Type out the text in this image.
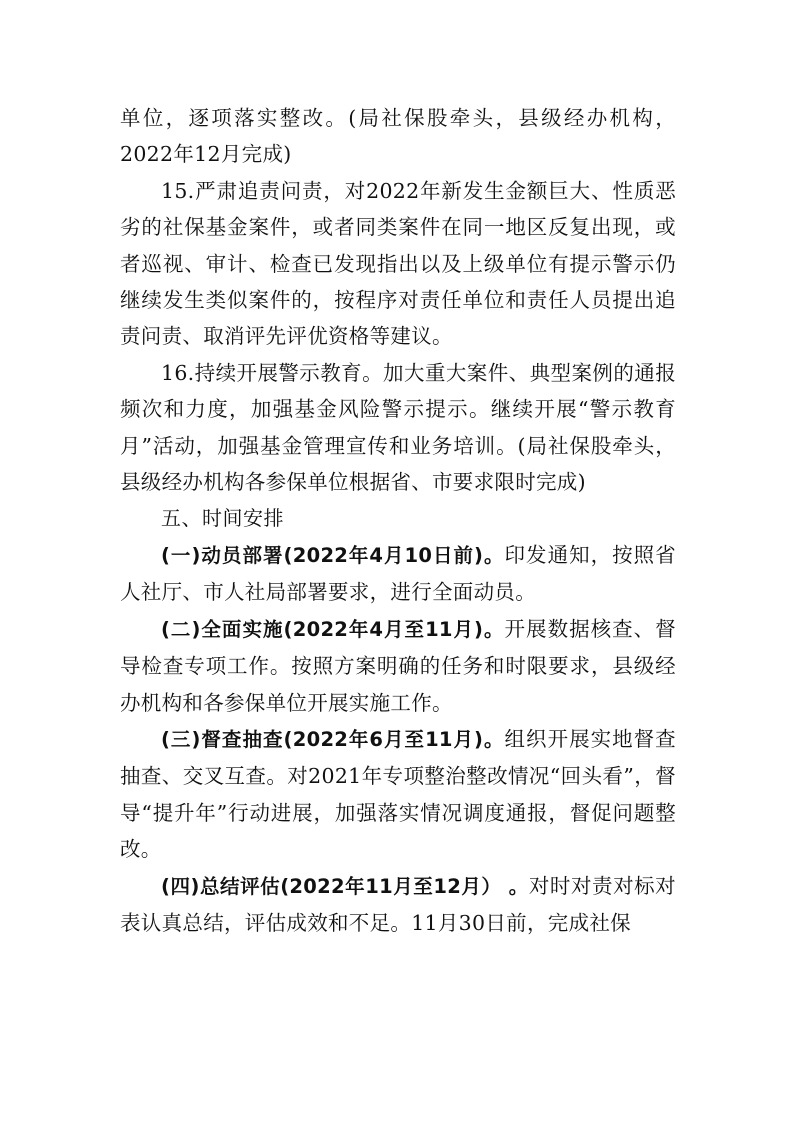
单位，逐项落实整改。(局社保股牵头，县级经办机构，2022年12月完成)

15.严肃追责问责，对2022年新发生金额巨大、性质恶劣的社保基金案件，或者同类案件在同一地区反复出现，或者巡视、审计、检查已发现指出以及上级单位有提示警示仍继续发生类似案件的，按程序对责任单位和责任人员提出追责问责、取消评先评优资格等建议。

16.持续开展警示教育。加大重大案件、典型案例的通报频次和力度，加强基金风险警示提示。继续开展“警示教育月”活动，加强基金管理宣传和业务培训。(局社保股牵头，县级经办机构各参保单位根据省、市要求限时完成)

五、时间安排

(一)动员部署(2022年4月10日前)。印发通知，按照省人社厅、市人社局部署要求，进行全面动员。

(二)全面实施(2022年4月至11月)。开展数据核查、督导检查专项工作。按照方案明确的任务和时限要求，县级经办机构和各参保单位开展实施工作。

(三)督查抽查(2022年6月至11月)。组织开展实地督查抽查、交叉互查。对2021年专项整治整改情况“回头看”，督导“提升年”行动进展，加强落实情况调度通报，督促问题整改。

(四)总结评估(2022年11月至12月） 。对时对责对标对表认真总结，评估成效和不足。11月30日前，完成社保
